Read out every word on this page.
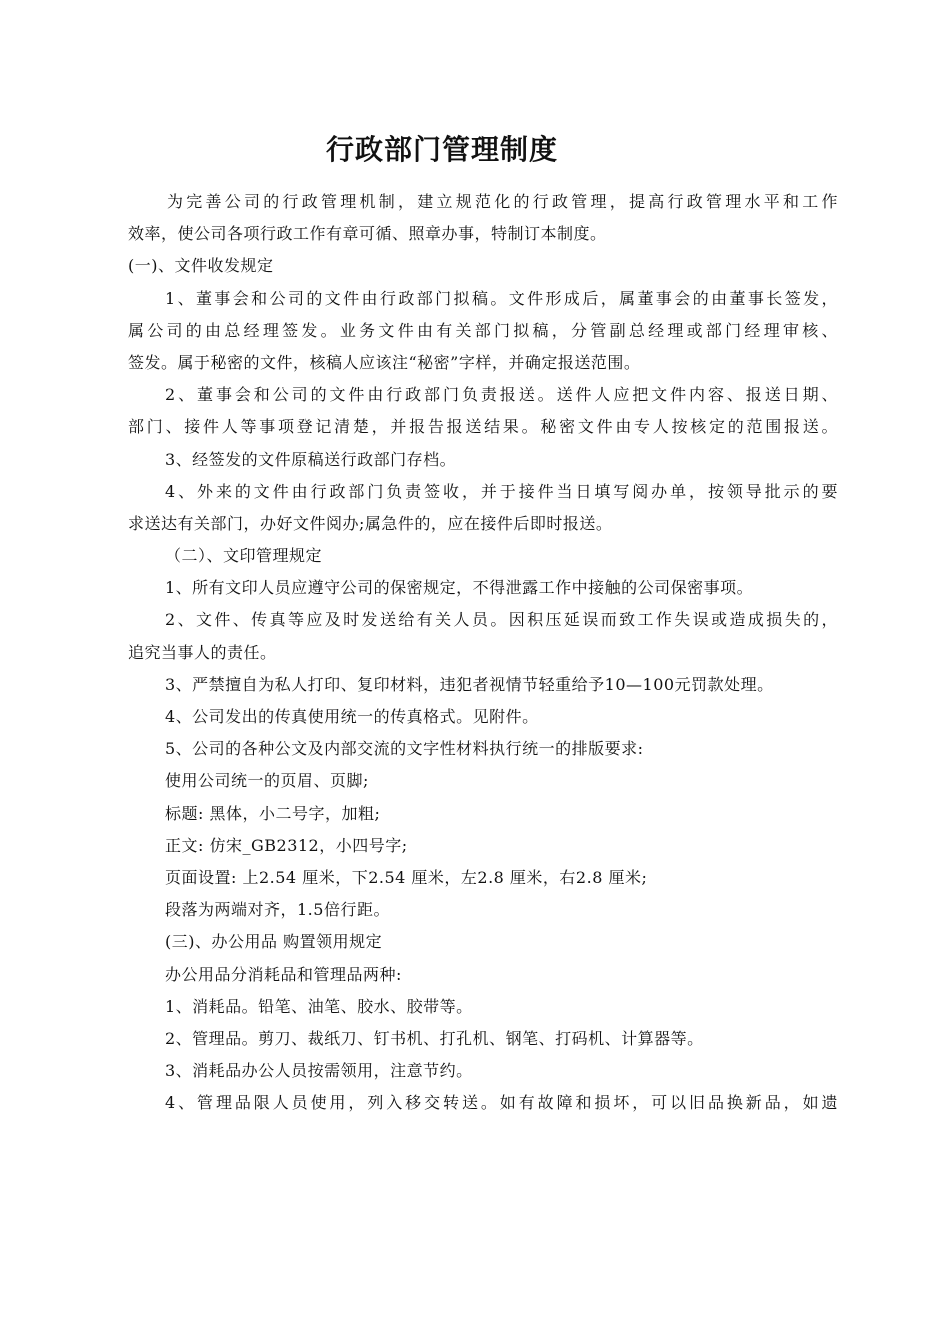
行政部门管理制度
为完善公司的行政管理机制，建立规范化的行政管理，提高行政管理水平和工作
效率，使公司各项行政工作有章可循、照章办事，特制订本制度。
(一)、文件收发规定
1、董事会和公司的文件由行政部门拟稿。文件形成后，属董事会的由董事长签发，
属公司的由总经理签发。业务文件由有关部门拟稿，分管副总经理或部门经理审核、
签发。属于秘密的文件，核稿人应该注“秘密”字样，并确定报送范围。
2、董事会和公司的文件由行政部门负责报送。送件人应把文件内容、报送日期、
部门、接件人等事项登记清楚，并报告报送结果。秘密文件由专人按核定的范围报送。
3、经签发的文件原稿送行政部门存档。
4、外来的文件由行政部门负责签收，并于接件当日填写阅办单，按领导批示的要
求送达有关部门，办好文件阅办;属急件的，应在接件后即时报送。
（二）、文印管理规定
1、所有文印人员应遵守公司的保密规定，不得泄露工作中接触的公司保密事项。
2、文件、传真等应及时发送给有关人员。因积压延误而致工作失误或造成损失的，
追究当事人的责任。
3、严禁擅自为私人打印、复印材料，违犯者视情节轻重给予10—100元罚款处理。
4、公司发出的传真使用统一的传真格式。见附件。
5、公司的各种公文及内部交流的文字性材料执行统一的排版要求:
使用公司统一的页眉、页脚;
标题: 黑体，小二号字，加粗;
正文: 仿宋_GB2312，小四号字;
页面设置: 上2.54 厘米，下2.54 厘米，左2.8 厘米，右2.8 厘米;
段落为两端对齐，1.5倍行距。
(三)、办公用品 购置领用规定
办公用品分消耗品和管理品两种:
1、消耗品。铅笔、油笔、胶水、胶带等。
2、管理品。剪刀、裁纸刀、钉书机、打孔机、钢笔、打码机、计算器等。
3、消耗品办公人员按需领用，注意节约。
4、管理品限人员使用，列入移交转送。如有故障和损坏，可以旧品换新品，如遗
